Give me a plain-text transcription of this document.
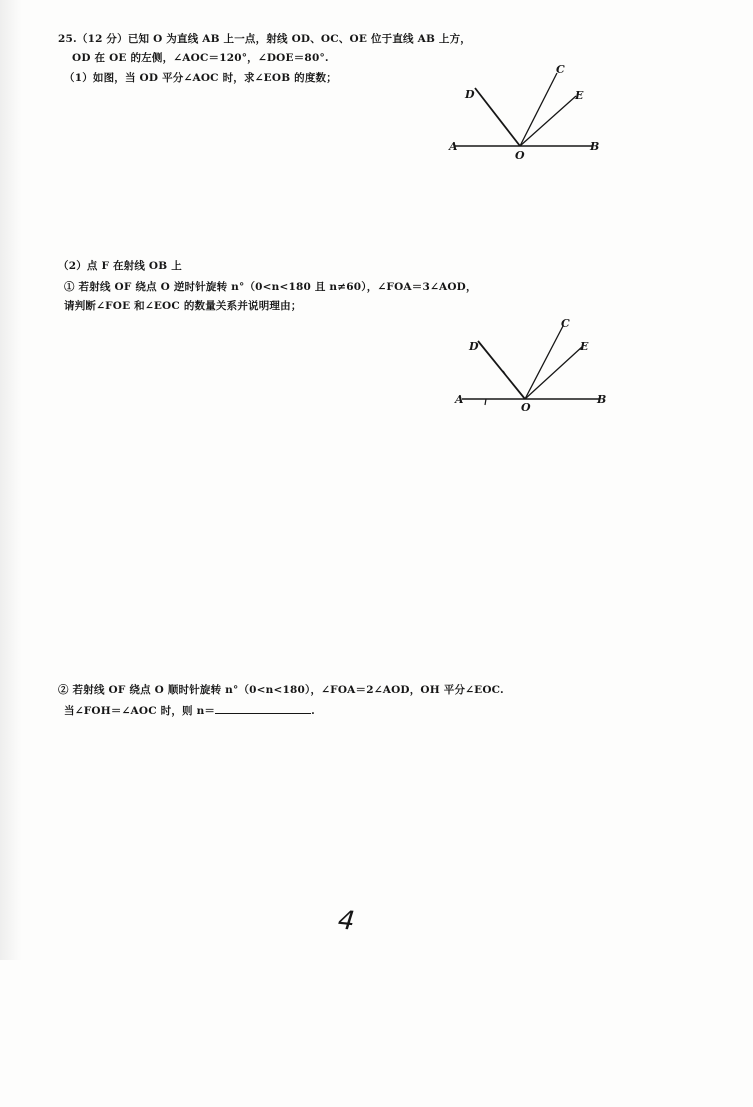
25.（12 分）已知 O 为直线 AB 上一点，射线 OD、OC、OE 位于直线 AB 上方，
OD 在 OE 的左侧，∠AOC＝120°，∠DOE＝80°.
（1）如图，当 OD 平分∠AOC 时，求∠EOB 的度数；
D
C
E
A
O
B
（2）点 F 在射线 OB 上
① 若射线 OF 绕点 O 逆时针旋转 n°（0<n<180 且 n≠60），∠FOA＝3∠AOD，
请判断∠FOE 和∠EOC 的数量关系并说明理由；
D
C
E
A
O
B
② 若射线 OF 绕点 O 顺时针旋转 n°（0<n<180），∠FOA＝2∠AOD，OH 平分∠EOC.
当∠FOH＝∠AOC 时，则 n＝	.
4
